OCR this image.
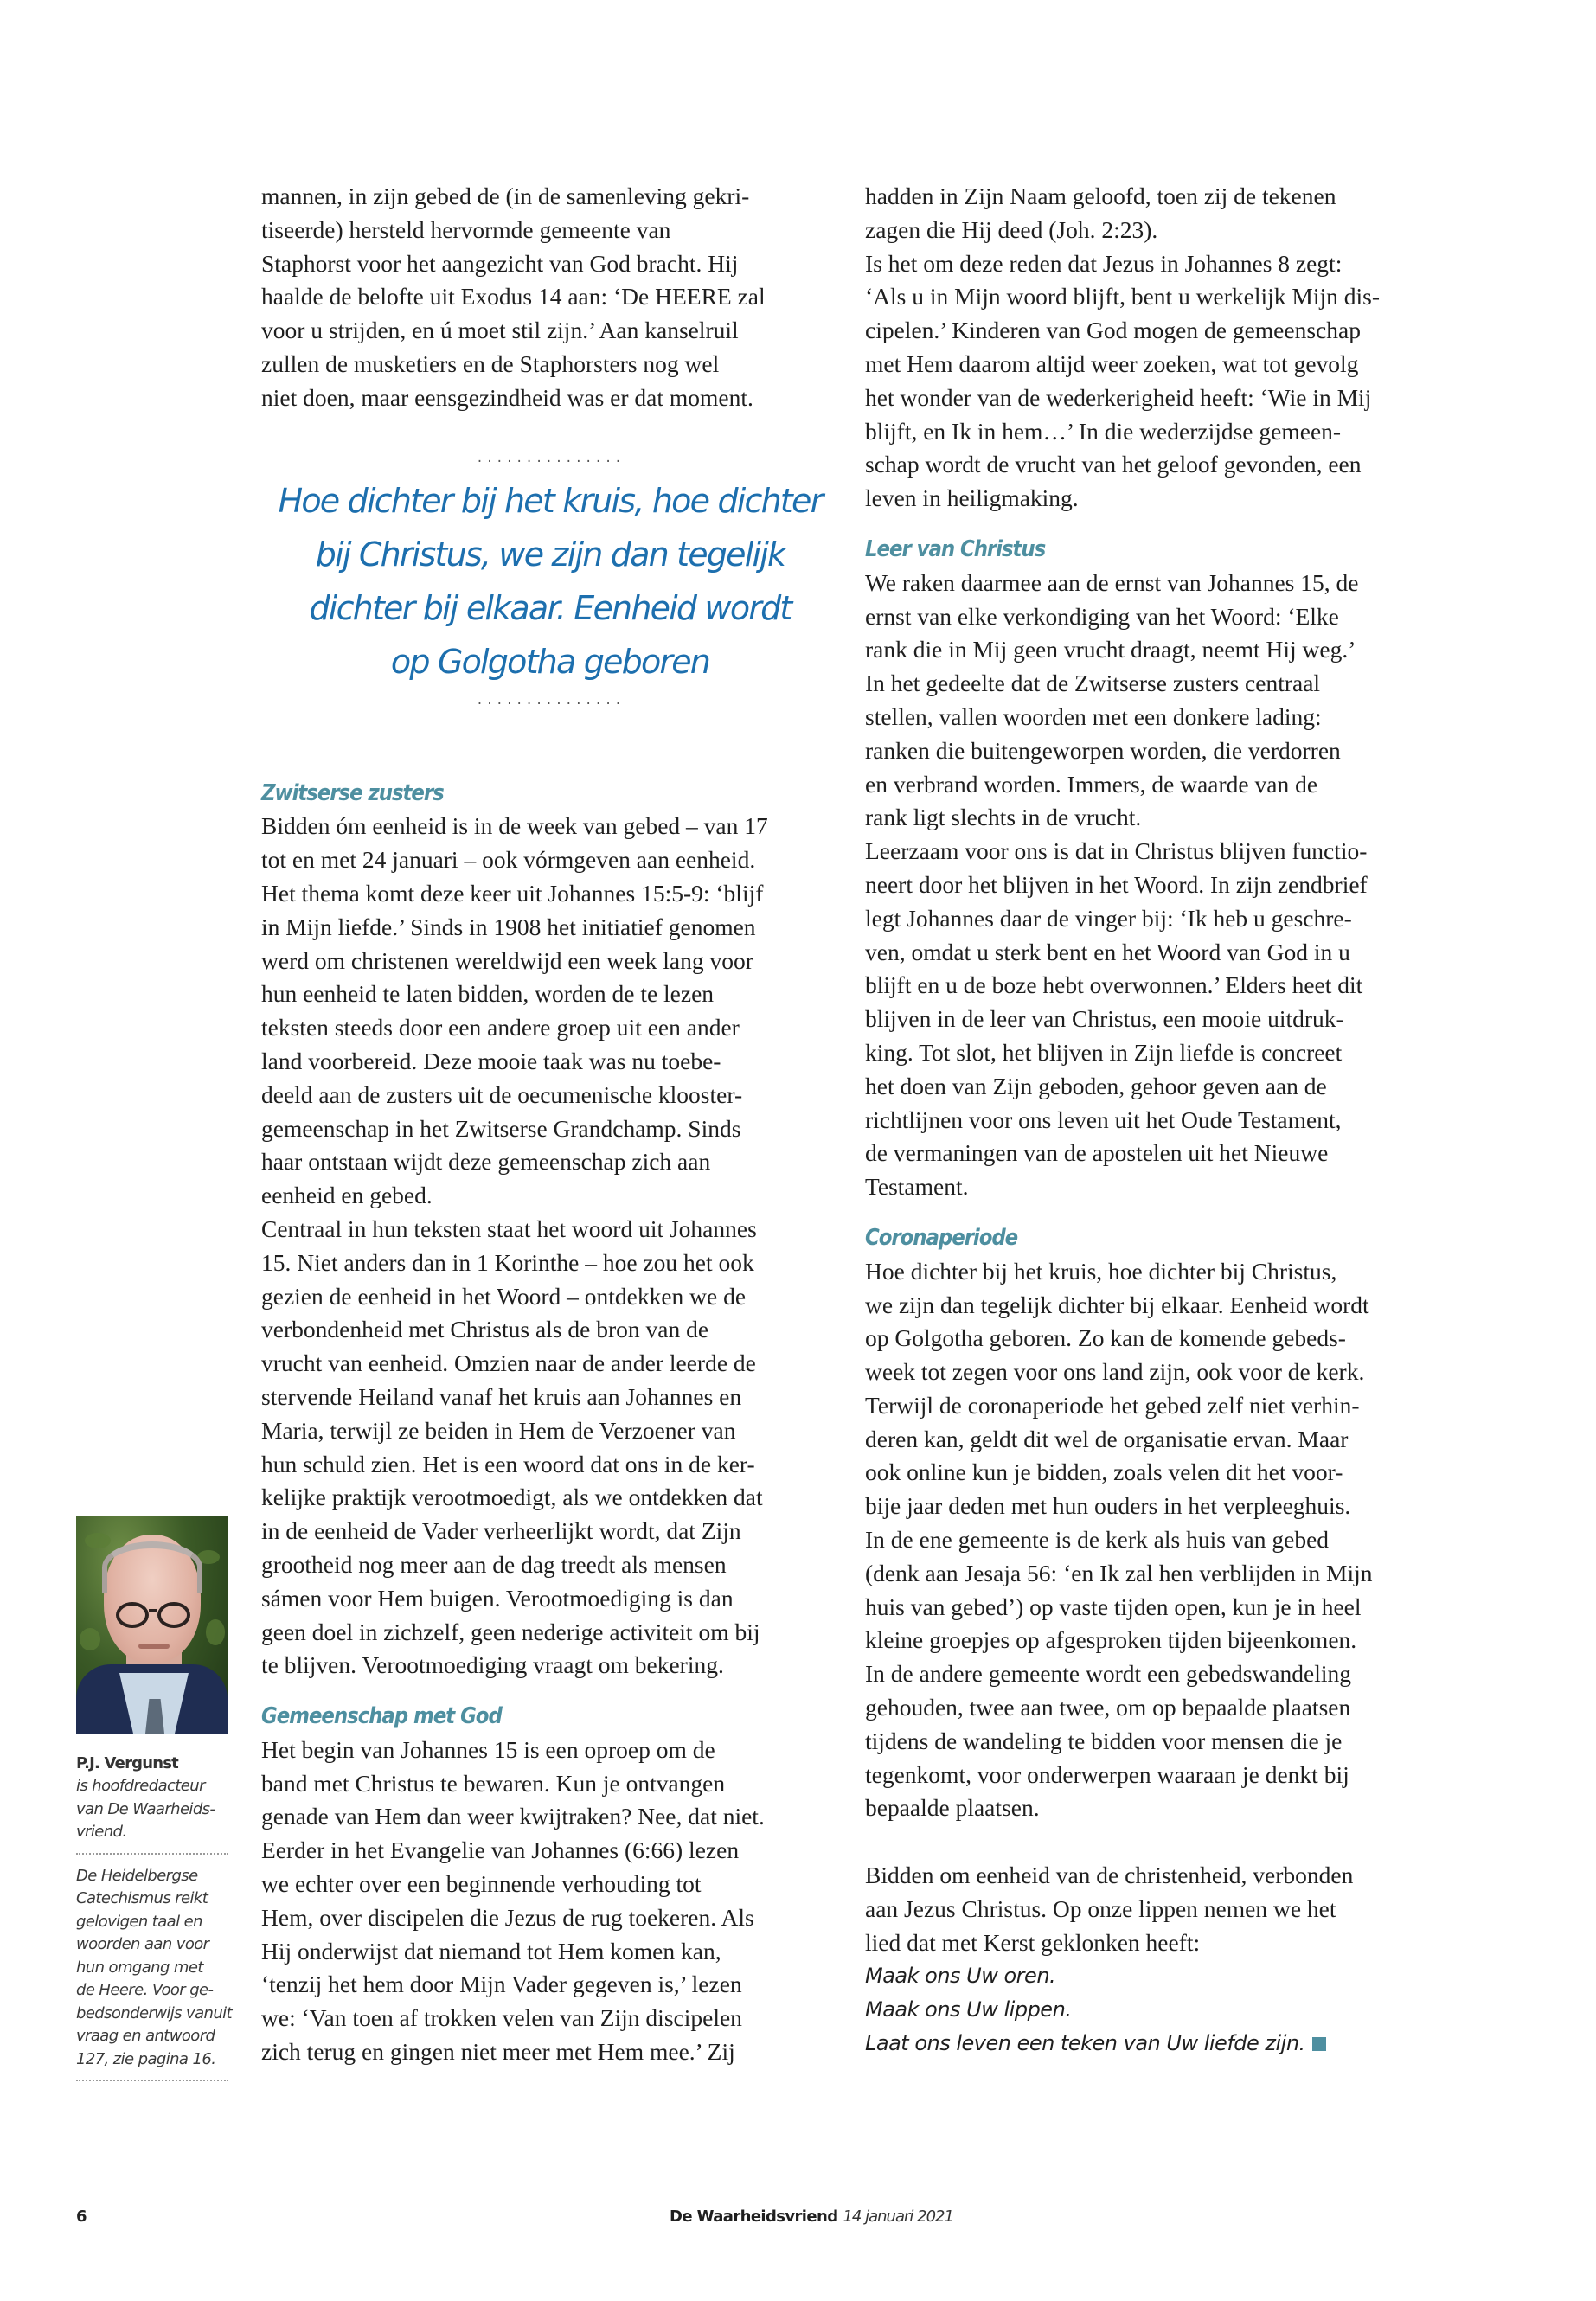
mannen, in zijn gebed de (in de samenleving gekri-
tiseerde) hersteld hervormde gemeente van
Staphorst voor het aangezicht van God bracht. Hij
haalde de belofte uit Exodus 14 aan: ‘De HEERE zal
voor u strijden, en ú moet stil zijn.’ Aan kanselruil
zullen de musketiers en de Staphorsters nog wel
niet doen, maar eensgezindheid was er dat moment.

...............
Hoe dichter bij het kruis, hoe dichter
bij Christus, we zijn dan tegelijk
dichter bij elkaar. Eenheid wordt
op Golgotha geboren
...............
Zwitserse zusters

Bidden óm eenheid is in de week van gebed – van 17
tot en met 24 januari – ook vórmgeven aan eenheid.
Het thema komt deze keer uit Johannes 15:5-9: ‘blijf
in Mijn liefde.’ Sinds in 1908 het initiatief genomen
werd om christenen wereldwijd een week lang voor
hun eenheid te laten bidden, worden de te lezen
teksten steeds door een andere groep uit een ander
land voorbereid. Deze mooie taak was nu toebe-
deeld aan de zusters uit de oecumenische klooster-
gemeenschap in het Zwitserse Grandchamp. Sinds
haar ontstaan wijdt deze gemeenschap zich aan
eenheid en gebed.
Centraal in hun teksten staat het woord uit Johannes
15. Niet anders dan in 1 Korinthe – hoe zou het ook
gezien de eenheid in het Woord – ontdekken we de
verbondenheid met Christus als de bron van de
vrucht van eenheid. Omzien naar de ander leerde de
stervende Heiland vanaf het kruis aan Johannes en
Maria, terwijl ze beiden in Hem de Verzoener van
hun schuld zien. Het is een woord dat ons in de ker-
kelijke praktijk verootmoedigt, als we ontdekken dat
in de eenheid de Vader verheerlijkt wordt, dat Zijn
grootheid nog meer aan de dag treedt als mensen
sámen voor Hem buigen. Verootmoediging is dan
geen doel in zichzelf, geen nederige activiteit om bij
te blijven. Verootmoediging vraagt om bekering.

Gemeenschap met God

Het begin van Johannes 15 is een oproep om de
band met Christus te bewaren. Kun je ontvangen
genade van Hem dan weer kwijtraken? Nee, dat niet.
Eerder in het Evangelie van Johannes (6:66) lezen
we echter over een beginnende verhouding tot
Hem, over discipelen die Jezus de rug toekeren. Als
Hij onderwijst dat niemand tot Hem komen kan,
‘tenzij het hem door Mijn Vader gegeven is,’ lezen
we: ‘Van toen af trokken velen van Zijn discipelen
zich terug en gingen niet meer met Hem mee.’ Zij

hadden in Zijn Naam geloofd, toen zij de tekenen
zagen die Hij deed (Joh. 2:23).
Is het om deze reden dat Jezus in Johannes 8 zegt:
‘Als u in Mijn woord blijft, bent u werkelijk Mijn dis-
cipelen.’ Kinderen van God mogen de gemeenschap
met Hem daarom altijd weer zoeken, wat tot gevolg
het wonder van de wederkerigheid heeft: ‘Wie in Mij
blijft, en Ik in hem…’ In die wederzijdse gemeen-
schap wordt de vrucht van het geloof gevonden, een
leven in heiligmaking.

Leer van Christus

We raken daarmee aan de ernst van Johannes 15, de
ernst van elke verkondiging van het Woord: ‘Elke
rank die in Mij geen vrucht draagt, neemt Hij weg.’
In het gedeelte dat de Zwitserse zusters centraal
stellen, vallen woorden met een donkere lading:
ranken die buitengeworpen worden, die verdorren
en verbrand worden. Immers, de waarde van de
rank ligt slechts in de vrucht.
Leerzaam voor ons is dat in Christus blijven functio-
neert door het blijven in het Woord. In zijn zendbrief
legt Johannes daar de vinger bij: ‘Ik heb u geschre-
ven, omdat u sterk bent en het Woord van God in u
blijft en u de boze hebt overwonnen.’ Elders heet dit
blijven in de leer van Christus, een mooie uitdruk-
king. Tot slot, het blijven in Zijn liefde is concreet
het doen van Zijn geboden, gehoor geven aan de
richtlijnen voor ons leven uit het Oude Testament,
de vermaningen van de apostelen uit het Nieuwe
Testament.

Coronaperiode

Hoe dichter bij het kruis, hoe dichter bij Christus,
we zijn dan tegelijk dichter bij elkaar. Eenheid wordt
op Golgotha geboren. Zo kan de komende gebeds-
week tot zegen voor ons land zijn, ook voor de kerk.
Terwijl de coronaperiode het gebed zelf niet verhin-
deren kan, geldt dit wel de organisatie ervan. Maar
ook online kun je bidden, zoals velen dit het voor-
bije jaar deden met hun ouders in het verpleeghuis.
In de ene gemeente is de kerk als huis van gebed
(denk aan Jesaja 56: ‘en Ik zal hen verblijden in Mijn
huis van gebed’) op vaste tijden open, kun je in heel
kleine groepjes op afgesproken tijden bijeenkomen.
In de andere gemeente wordt een gebedswandeling
gehouden, twee aan twee, om op bepaalde plaatsen
tijdens de wandeling te bidden voor mensen die je
tegenkomt, voor onderwerpen waaraan je denkt bij
bepaalde plaatsen.

Bidden om eenheid van de christenheid, verbonden
aan Jezus Christus. Op onze lippen nemen we het
lied dat met Kerst geklonken heeft:

Maak ons Uw oren.
Maak ons Uw lippen.
Laat ons leven een teken van Uw liefde zijn.

P.J. Vergunst
is hoofdredacteur
van De Waarheids-
vriend.
De Heidelbergse
Catechismus reikt
gelovigen taal en
woorden aan voor
hun omgang met
de Heere. Voor ge-
bedsonderwijs vanuit
vraag en antwoord
127, zie pagina 16.
6	De Waarheidsvriend 14 januari 2021
